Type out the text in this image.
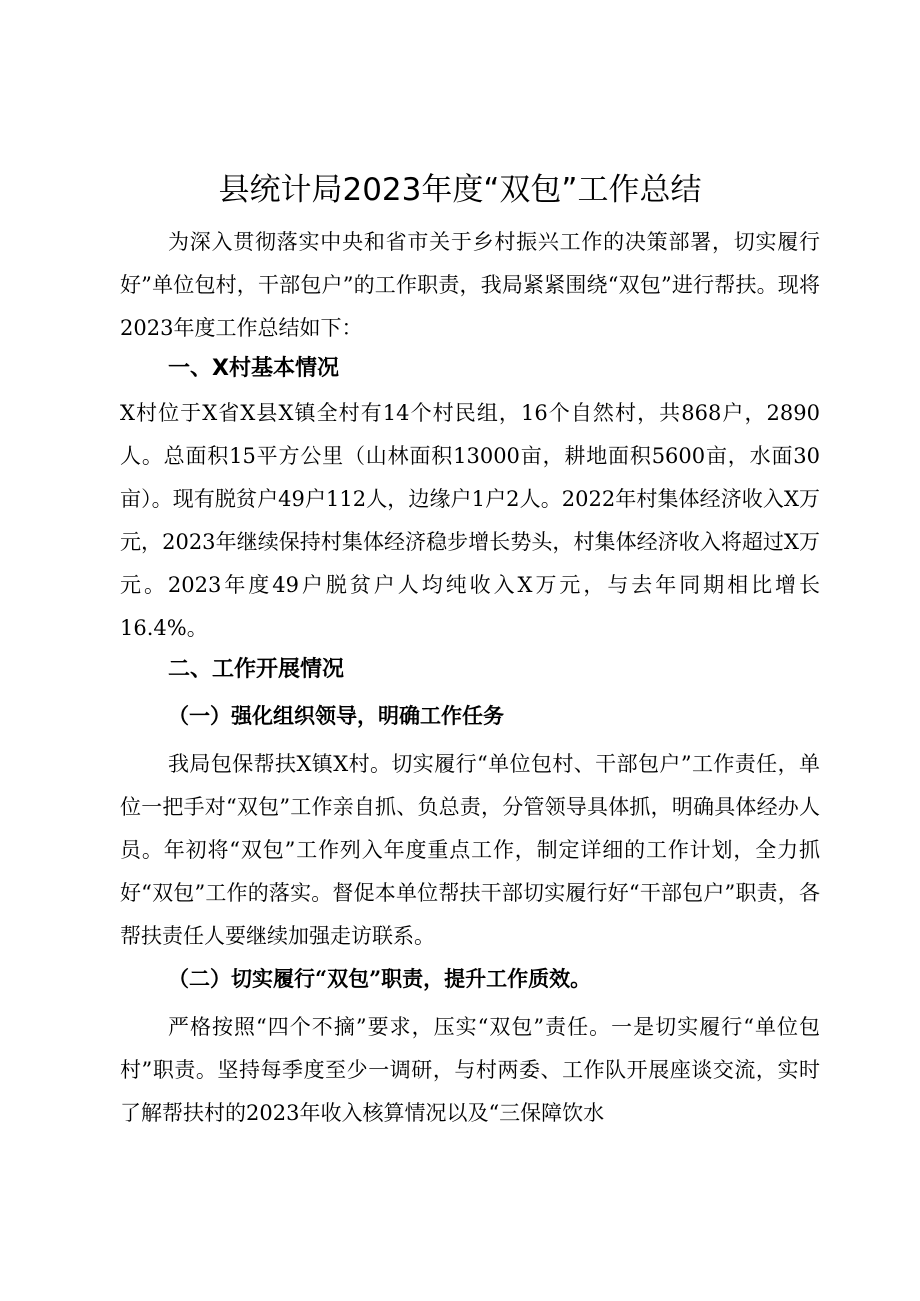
县统计局2023年度“双包”工作总结

为深入贯彻落实中央和省市关于乡村振兴工作的决策部署，切实履行好”单位包村，干部包户”的工作职责，我局紧紧围绕“双包”进行帮扶。现将2023年度工作总结如下：

一、X村基本情况

X村位于X省X县X镇全村有14个村民组，16个自然村，共868户，2890人。总面积15平方公里（山林面积13000亩，耕地面积5600亩，水面30亩）。现有脱贫户49户112人，边缘户1户2人。2022年村集体经济收入X万元，2023年继续保持村集体经济稳步增长势头，村集体经济收入将超过X万元。2023年度49户脱贫户人均纯收入X万元，与去年同期相比增长16.4%。

二、工作开展情况
（一）强化组织领导，明确工作任务

我局包保帮扶X镇X村。切实履行“单位包村、干部包户”工作责任，单位一把手对“双包”工作亲自抓、负总责，分管领导具体抓，明确具体经办人员。年初将“双包”工作列入年度重点工作，制定详细的工作计划，全力抓好“双包”工作的落实。督促本单位帮扶干部切实履行好“干部包户”职责，各帮扶责任人要继续加强走访联系。

（二）切实履行“双包”职责，提升工作质效。

严格按照“四个不摘”要求，压实“双包”责任。一是切实履行“单位包村”职责。坚持每季度至少一调研，与村两委、工作队开展座谈交流，实时了解帮扶村的2023年收入核算情况以及“三保障饮水
